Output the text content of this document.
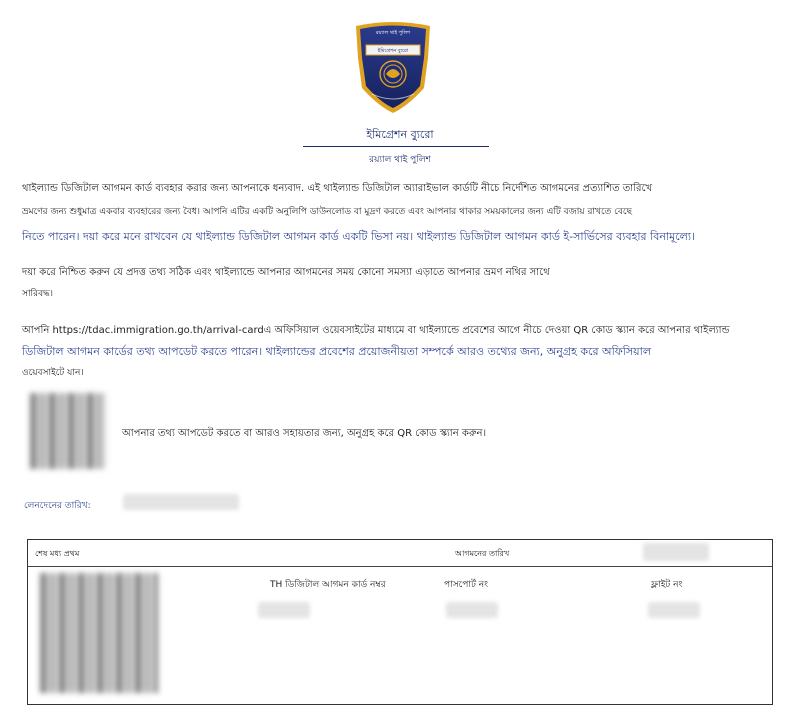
রয়্যাল থাই পুলিশ
ইমিগ্রেশন ব্যুরো
ইমিগ্রেশন ব্যুরো
রয়্যাল থাই পুলিশ
থাইল্যান্ড ডিজিটাল আগমন কার্ড ব্যবহার করার জন্য আপনাকে ধন্যবাদ. এই থাইল্যান্ড ডিজিটাল অ্যারাইভাল কার্ডটি নীচে নির্দেশিত আগমনের প্রত্যাশিত তারিখে
ভ্রমণের জন্য শুধুমাত্র একবার ব্যবহারের জন্য বৈধ। আপনি এটির একটি অনুলিপি ডাউনলোড বা মুদ্রণ করতে এবং আপনার থাকার সময়কালের জন্য এটি বজায় রাখতে বেছে
নিতে পারেন। দয়া করে মনে রাখবেন যে থাইল্যান্ড ডিজিটাল আগমন কার্ড একটি ভিসা নয়। থাইল্যান্ড ডিজিটাল আগমন কার্ড ই-সার্ভিসের ব্যবহার বিনামূল্যে।
দয়া করে নিশ্চিত করুন যে প্রদত্ত তথ্য সঠিক এবং থাইল্যান্ডে আপনার আগমনের সময় কোনো সমস্যা এড়াতে আপনার ভ্রমণ নথির সাথে
সারিবদ্ধ।
আপনি https://tdac.immigration.go.th/arrival-cardএ অফিসিয়াল ওয়েবসাইটের মাধ্যমে বা থাইল্যান্ডে প্রবেশের আগে নীচে দেওয়া QR কোড স্ক্যান করে আপনার থাইল্যান্ড
ডিজিটাল আগমন কার্ডের তথ্য আপডেট করতে পারেন। থাইল্যান্ডের প্রবেশের প্রয়োজনীয়তা সম্পর্কে আরও তথ্যের জন্য, অনুগ্রহ করে অফিসিয়াল
ওয়েবসাইটে যান।
আপনার তথ্য আপডেট করতে বা আরও সহায়তার জন্য, অনুগ্রহ করে QR কোড স্ক্যান করুন।
লেনদেনের তারিখ:
শেষ মধ্য প্রথম	আগমনের তারিখ
TH ডিজিটাল আগমন কার্ড নম্বর	পাসপোর্ট নং	ফ্লাইট নং
